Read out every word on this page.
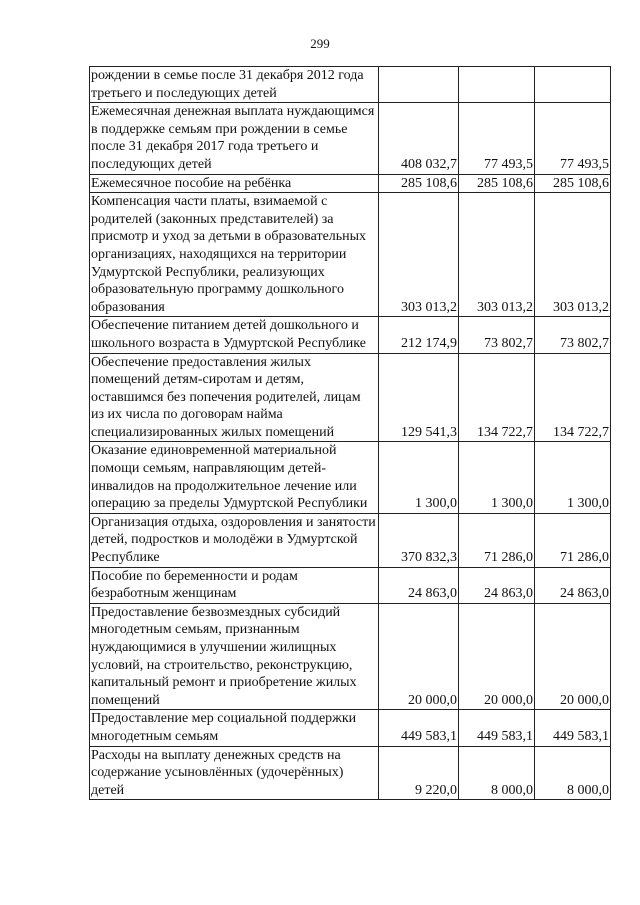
299
рождении в семье после 31 декабря 2012 года третьего и последующих детей			
Ежемесячная денежная выплата нуждающимся в поддержке семьям при рождении в семье после 31 декабря 2017 года третьего и последующих детей	408 032,7	77 493,5	77 493,5
Ежемесячное пособие на ребёнка	285 108,6	285 108,6	285 108,6
Компенсация части платы, взимаемой с родителей (законных представителей) за присмотр и уход за детьми в образовательных организациях, находящихся на территории Удмуртской Республики, реализующих образовательную программу дошкольного образования	303 013,2	303 013,2	303 013,2
Обеспечение питанием детей дошкольного и школьного возраста в Удмуртской Республике	212 174,9	73 802,7	73 802,7
Обеспечение предоставления жилых помещений детям-сиротам и детям, оставшимся без попечения родителей, лицам из их числа по договорам найма специализированных жилых помещений	129 541,3	134 722,7	134 722,7
Оказание единовременной материальной помощи семьям, направляющим детей-инвалидов на продолжительное лечение или операцию за пределы Удмуртской Республики	1 300,0	1 300,0	1 300,0
Организация отдыха, оздоровления и занятости детей, подростков и молодёжи в Удмуртской Республике	370 832,3	71 286,0	71 286,0
Пособие по беременности и родам безработным женщинам	24 863,0	24 863,0	24 863,0
Предоставление безвозмездных субсидий многодетным семьям, признанным нуждающимися в улучшении жилищных условий, на строительство, реконструкцию, капитальный ремонт и приобретение жилых помещений	20 000,0	20 000,0	20 000,0
Предоставление мер социальной поддержки многодетным семьям	449 583,1	449 583,1	449 583,1
Расходы на выплату денежных средств на содержание усыновлённых (удочерённых) детей	9 220,0	8 000,0	8 000,0
